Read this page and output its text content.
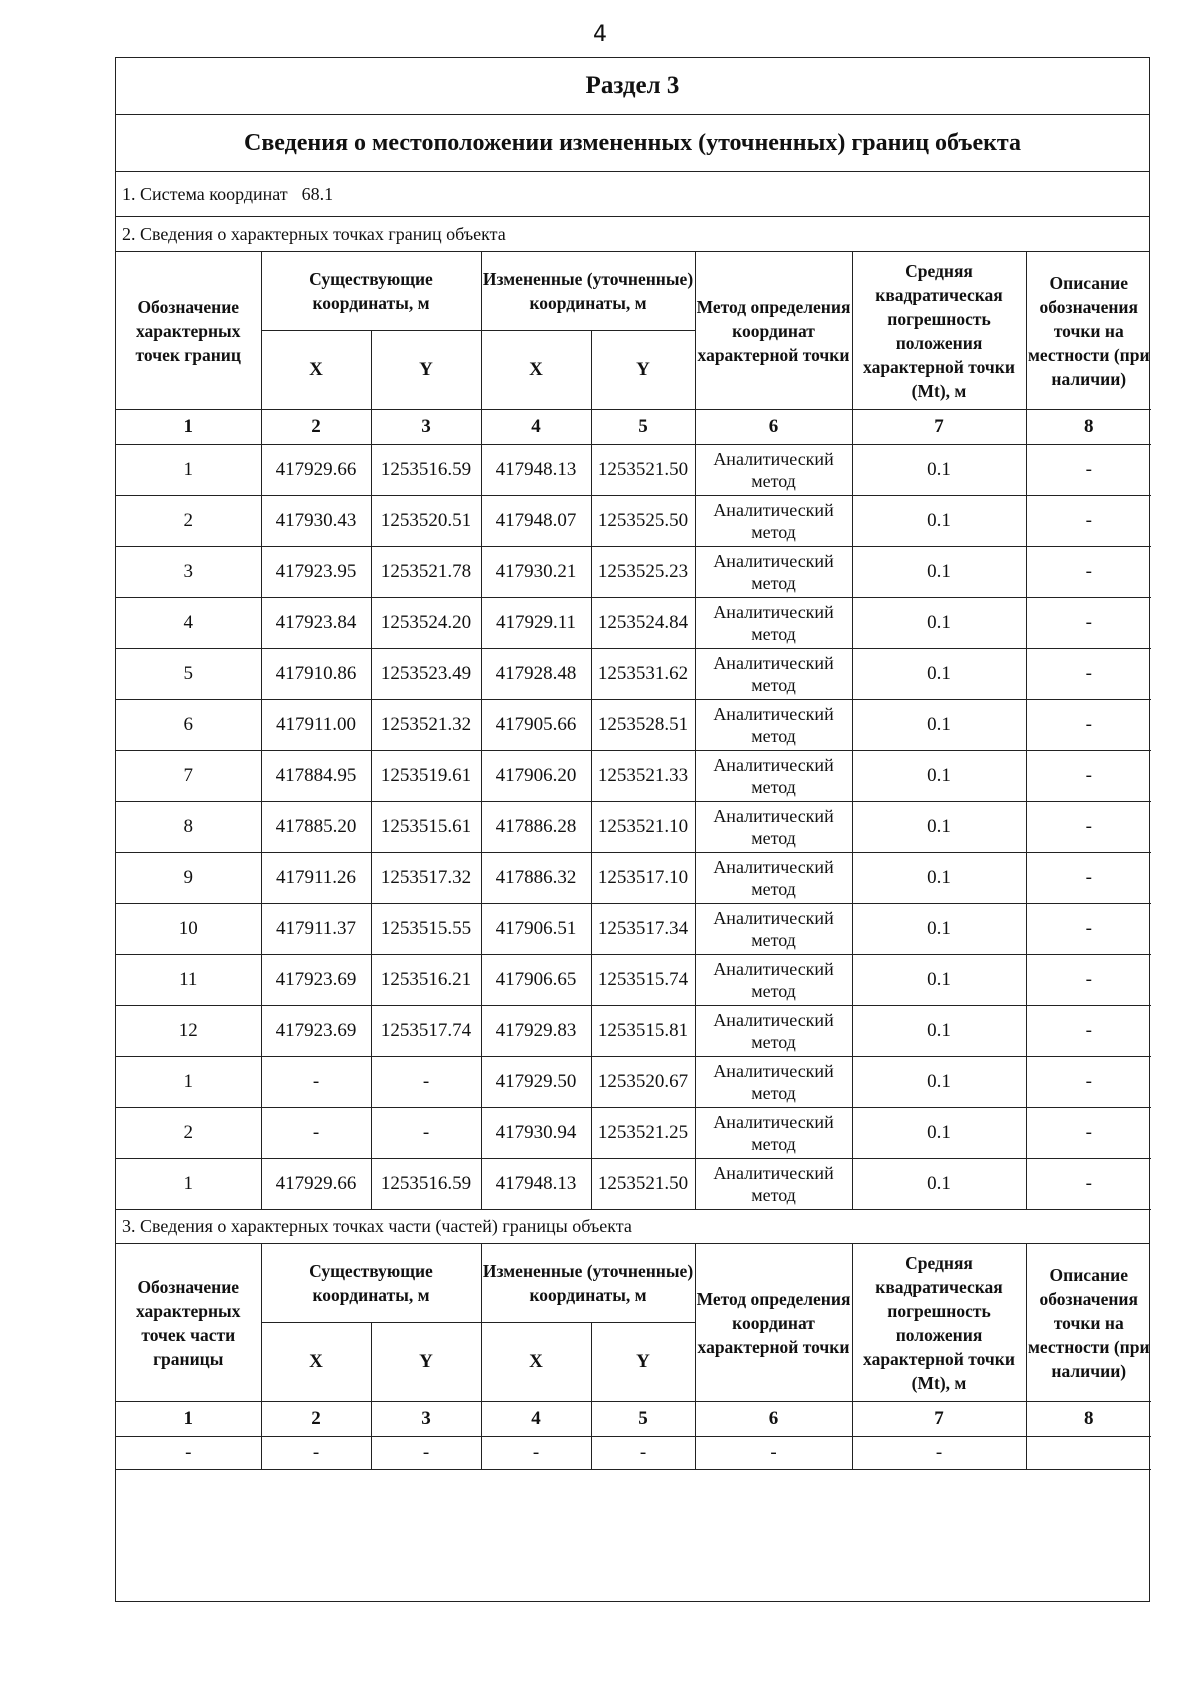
4
Раздел 3
Сведения о местоположении измененных (уточненных) границ объекта
1. Система координат 68.1
2. Сведения о характерных точках границ объекта
Обозначение характерных точек границ	Существующие координаты, м		Измененные (уточненные) координаты, м		Метод определения координат характерной точки	Средняя квадратическая погрешность положения характерной точки (Mt), м	Описание обозначения точки на местности (при наличии)
	X	Y	X	Y			
1	2	3	4	5	6	7	8
1	417929.66	1253516.59	417948.13	1253521.50	Аналитический метод	0.1	-
2	417930.43	1253520.51	417948.07	1253525.50	Аналитический метод	0.1	-
3	417923.95	1253521.78	417930.21	1253525.23	Аналитический метод	0.1	-
4	417923.84	1253524.20	417929.11	1253524.84	Аналитический метод	0.1	-
5	417910.86	1253523.49	417928.48	1253531.62	Аналитический метод	0.1	-
6	417911.00	1253521.32	417905.66	1253528.51	Аналитический метод	0.1	-
7	417884.95	1253519.61	417906.20	1253521.33	Аналитический метод	0.1	-
8	417885.20	1253515.61	417886.28	1253521.10	Аналитический метод	0.1	-
9	417911.26	1253517.32	417886.32	1253517.10	Аналитический метод	0.1	-
10	417911.37	1253515.55	417906.51	1253517.34	Аналитический метод	0.1	-
11	417923.69	1253516.21	417906.65	1253515.74	Аналитический метод	0.1	-
12	417923.69	1253517.74	417929.83	1253515.81	Аналитический метод	0.1	-
1	-	-	417929.50	1253520.67	Аналитический метод	0.1	-
2	-	-	417930.94	1253521.25	Аналитический метод	0.1	-
1	417929.66	1253516.59	417948.13	1253521.50	Аналитический метод	0.1	-
3. Сведения о характерных точках части (частей) границы объекта
Обозначение характерных точек части границы	Существующие координаты, м		Измененные (уточненные) координаты, м		Метод определения координат характерной точки	Средняя квадратическая погрешность положения характерной точки (Mt), м	Описание обозначения точки на местности (при наличии)
	X	Y	X	Y			
1	2	3	4	5	6	7	8
-	-	-	-	-	-	-	
